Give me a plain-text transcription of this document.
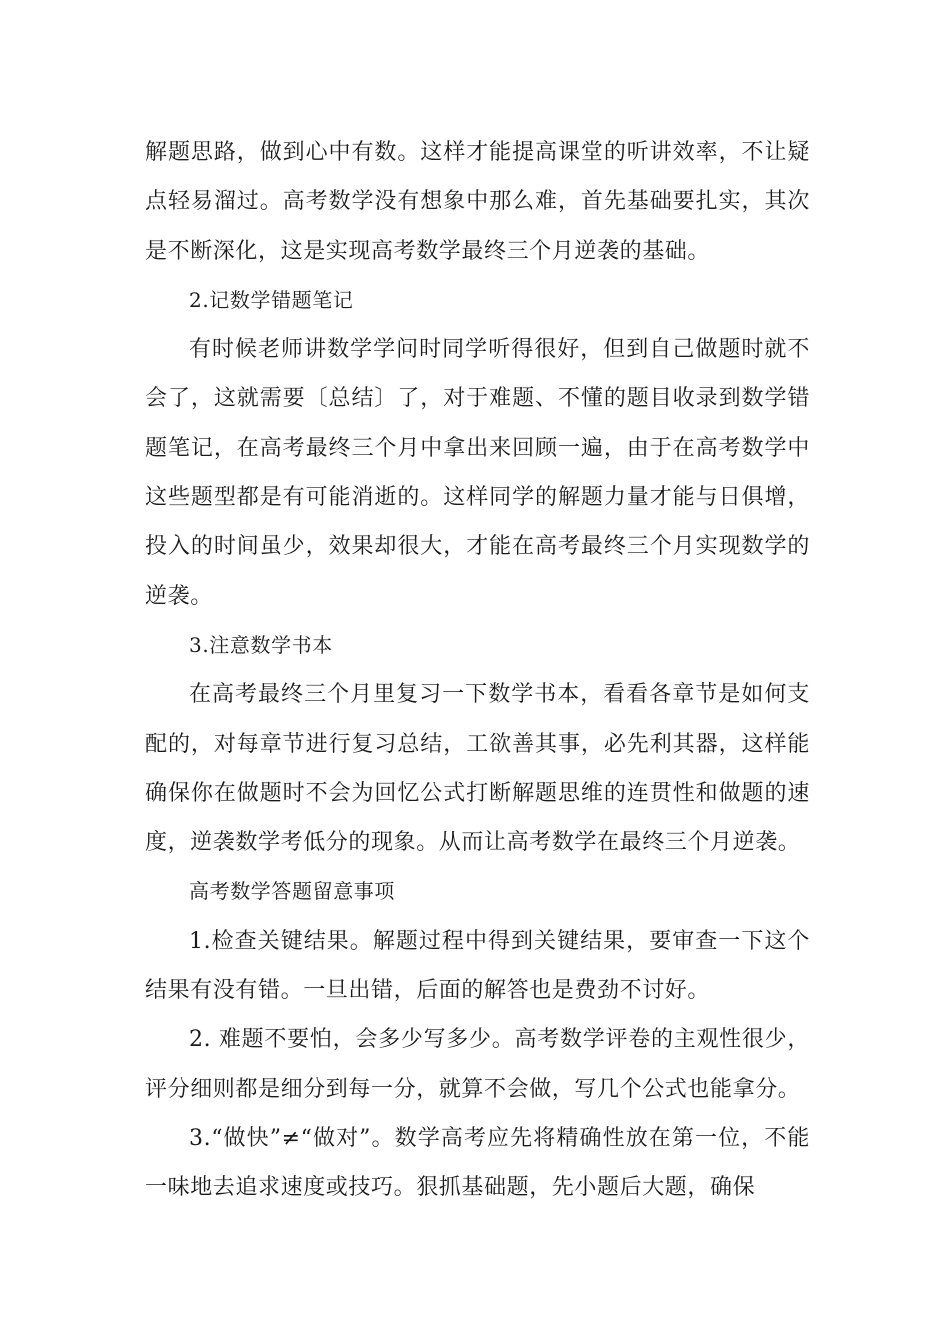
解题思路，做到心中有数。这样才能提高课堂的听讲效率，不让疑点轻易溜过。高考数学没有想象中那么难，首先基础要扎实，其次是不断深化，这是实现高考数学最终三个月逆袭的基础。

2.记数学错题笔记

有时候老师讲数学学问时同学听得很好，但到自己做题时就不会了，这就需要〔总结〕了，对于难题、不懂的题目收录到数学错题笔记，在高考最终三个月中拿出来回顾一遍，由于在高考数学中这些题型都是有可能消逝的。这样同学的解题力量才能与日俱增，投入的时间虽少，效果却很大，才能在高考最终三个月实现数学的逆袭。

3.注意数学书本

在高考最终三个月里复习一下数学书本，看看各章节是如何支配的，对每章节进行复习总结，工欲善其事，必先利其器，这样能确保你在做题时不会为回忆公式打断解题思维的连贯性和做题的速度，逆袭数学考低分的现象。从而让高考数学在最终三个月逆袭。

高考数学答题留意事项

1.检查关键结果。解题过程中得到关键结果，要审查一下这个结果有没有错。一旦出错，后面的解答也是费劲不讨好。

2. 难题不要怕，会多少写多少。高考数学评卷的主观性很少，评分细则都是细分到每一分，就算不会做，写几个公式也能拿分。

3.“做快”≠“做对”。数学高考应先将精确性放在第一位，不能一味地去追求速度或技巧。狠抓基础题，先小题后大题，确保
